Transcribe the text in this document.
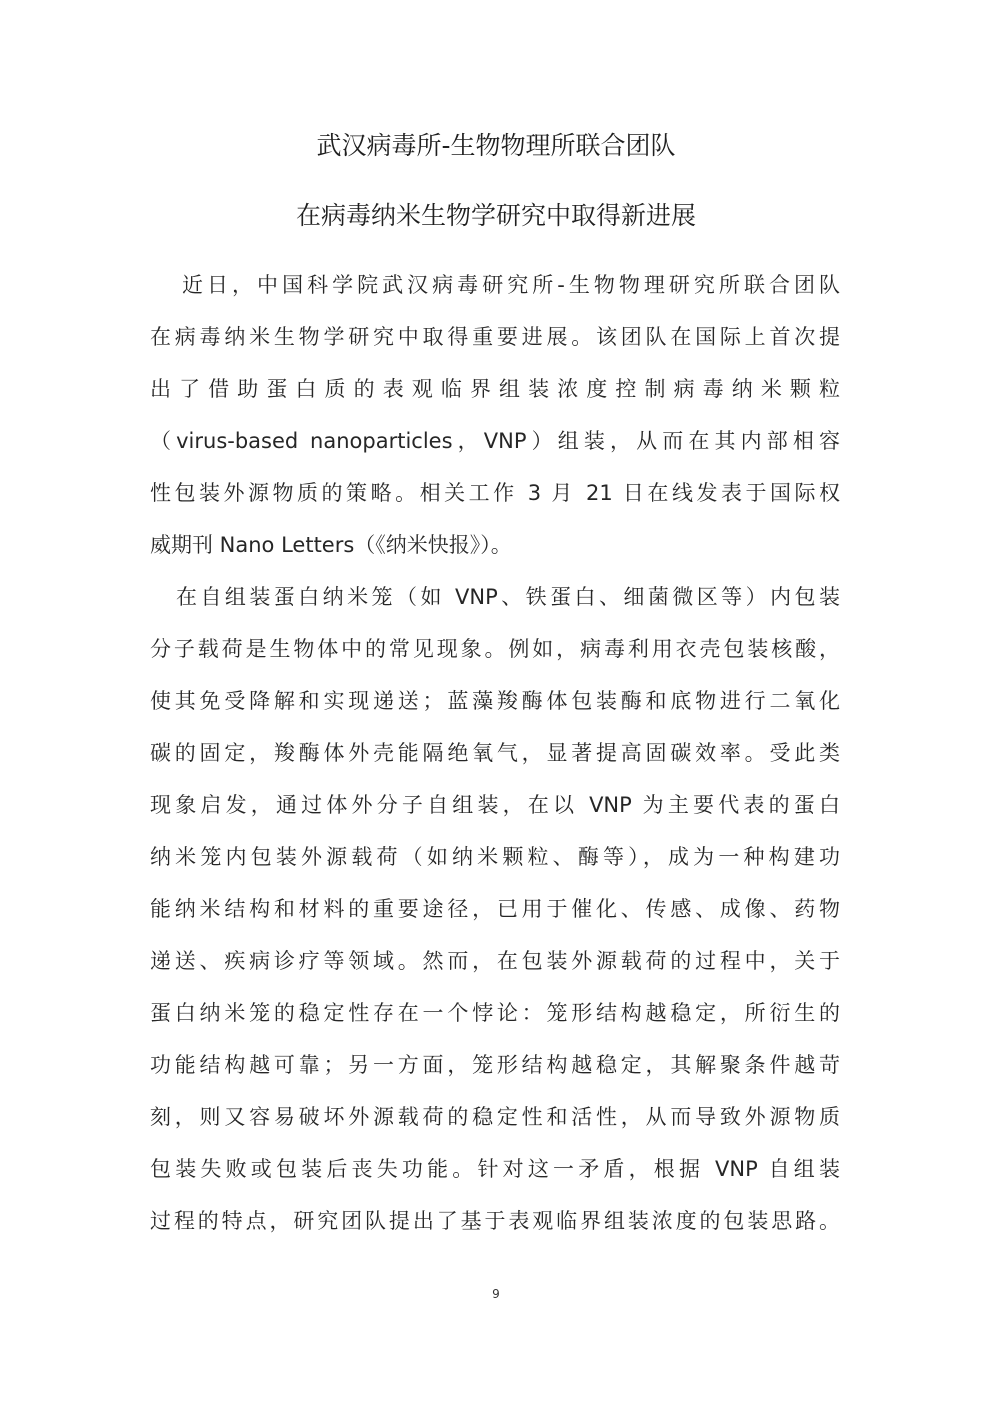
武汉病毒所-生物物理所联合团队
在病毒纳米生物学研究中取得新进展
近日，中国科学院武汉病毒研究所-生物物理研究所联合团队
在病毒纳米生物学研究中取得重要进展。该团队在国际上首次提
出了借助蛋白质的表观临界组装浓度控制病毒纳米颗粒
（virus-based nanoparticles，VNP）组装，从而在其内部相容
性包装外源物质的策略。相关工作 3 月 21 日在线发表于国际权
威期刊 Nano Letters（《纳米快报》）。
在自组装蛋白纳米笼（如 VNP、铁蛋白、细菌微区等）内包装
分子载荷是生物体中的常见现象。例如，病毒利用衣壳包装核酸，
使其免受降解和实现递送；蓝藻羧酶体包装酶和底物进行二氧化
碳的固定，羧酶体外壳能隔绝氧气，显著提高固碳效率。受此类
现象启发，通过体外分子自组装，在以 VNP 为主要代表的蛋白
纳米笼内包装外源载荷（如纳米颗粒、酶等），成为一种构建功
能纳米结构和材料的重要途径，已用于催化、传感、成像、药物
递送、疾病诊疗等领域。然而，在包装外源载荷的过程中，关于
蛋白纳米笼的稳定性存在一个悖论：笼形结构越稳定，所衍生的
功能结构越可靠；另一方面，笼形结构越稳定，其解聚条件越苛
刻，则又容易破坏外源载荷的稳定性和活性，从而导致外源物质
包装失败或包装后丧失功能。针对这一矛盾，根据 VNP 自组装
过程的特点，研究团队提出了基于表观临界组装浓度的包装思路。
9
